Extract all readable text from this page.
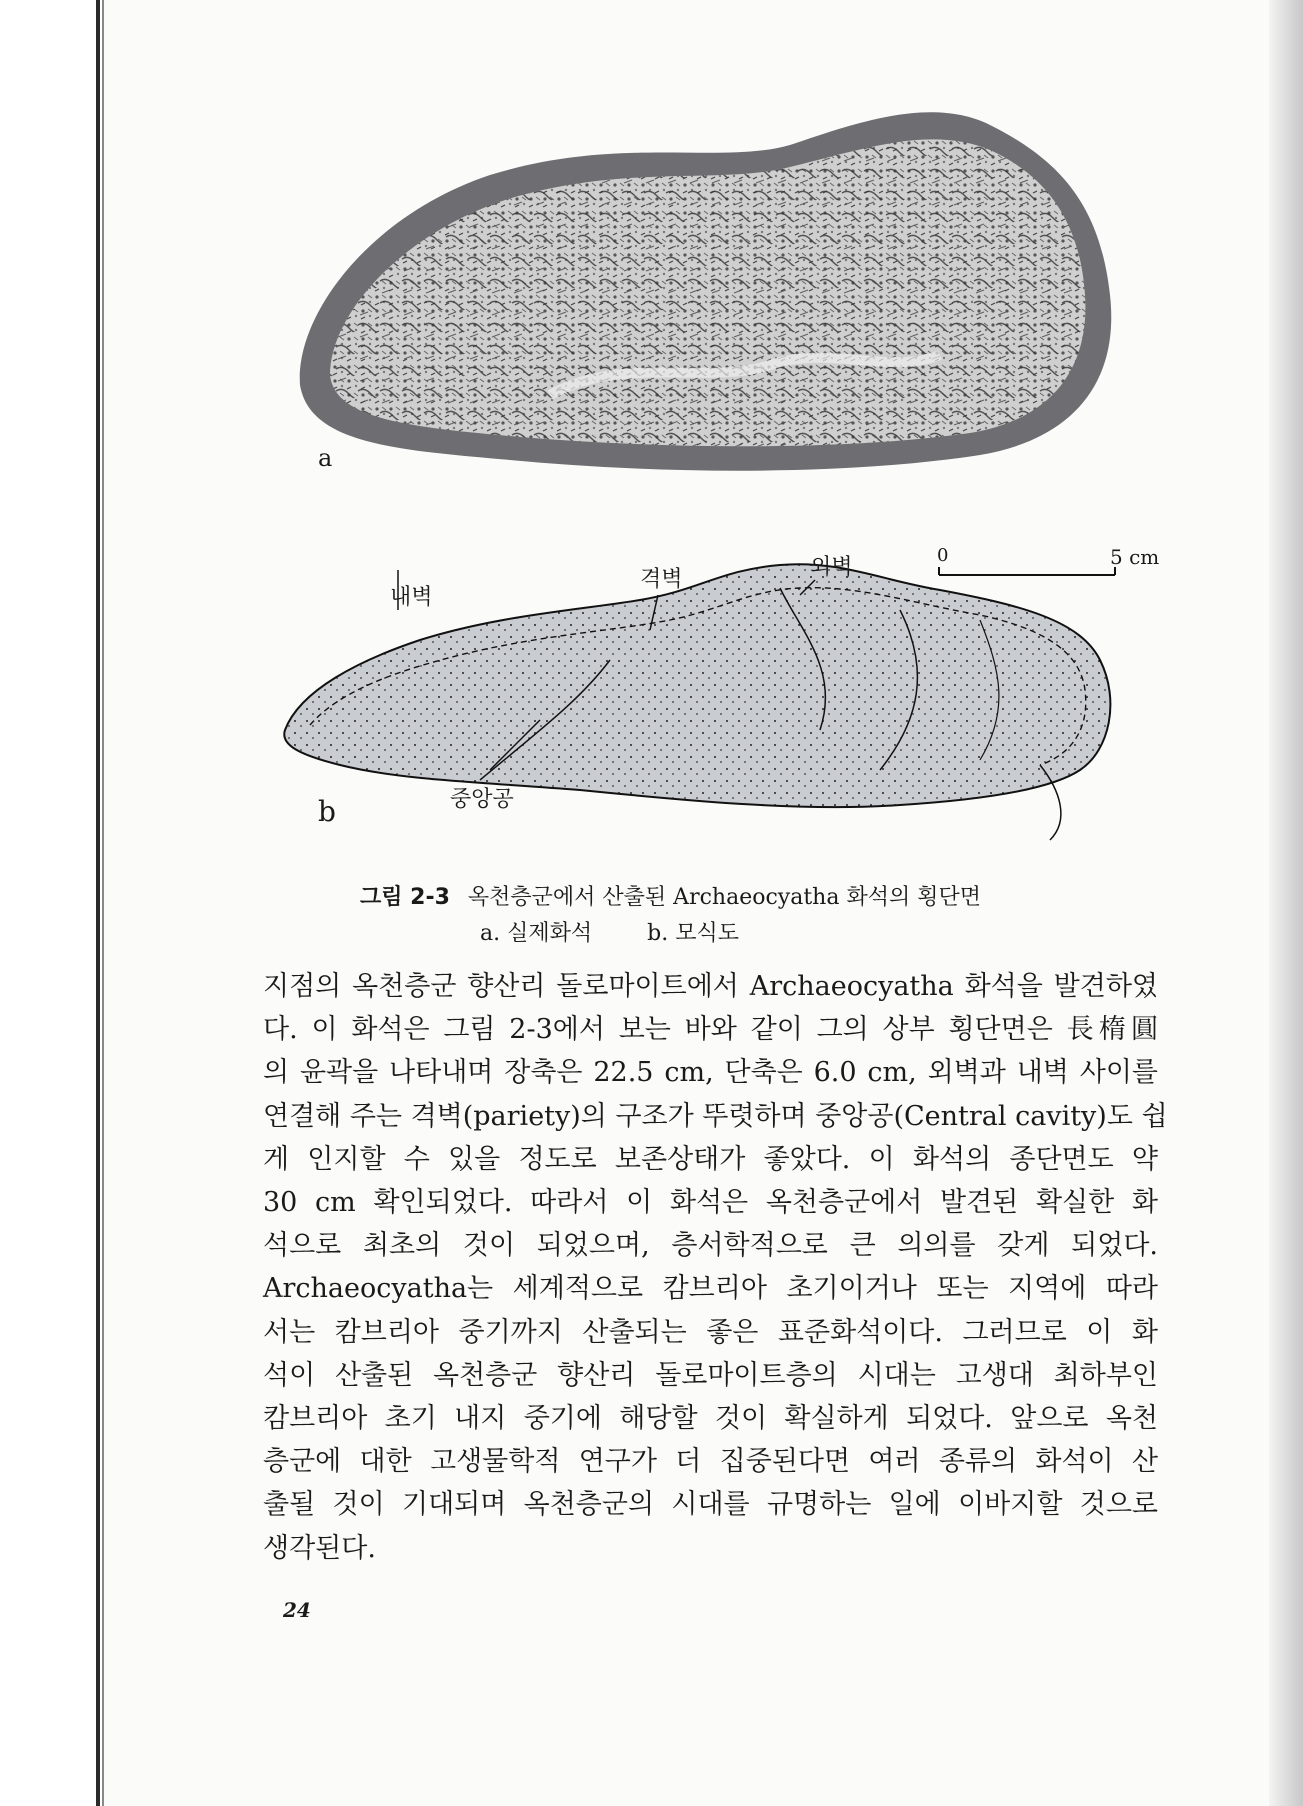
a
b
내벽
격벽	외벽
중앙공
0	5 cm
그림 2-3 옥천층군에서 산출된 Archaeocyatha 화석의 횡단면
a. 실제화석	b. 모식도
지점의 옥천층군 향산리 돌로마이트에서 Archaeocyatha 화석을 발견하였
다. 이 화석은 그림 2-3에서 보는 바와 같이 그의 상부 횡단면은 長楕圓
의 윤곽을 나타내며 장축은 22.5 cm, 단축은 6.0 cm, 외벽과 내벽 사이를
연결해 주는 격벽(pariety)의 구조가 뚜렷하며 중앙공(Central cavity)도 쉽
게 인지할 수 있을 정도로 보존상태가 좋았다. 이 화석의 종단면도 약
30 cm 확인되었다. 따라서 이 화석은 옥천층군에서 발견된 확실한 화
석으로 최초의 것이 되었으며, 층서학적으로 큰 의의를 갖게 되었다.
Archaeocyatha는 세계적으로 캄브리아 초기이거나 또는 지역에 따라
서는 캄브리아 중기까지 산출되는 좋은 표준화석이다. 그러므로 이 화
석이 산출된 옥천층군 향산리 돌로마이트층의 시대는 고생대 최하부인
캄브리아 초기 내지 중기에 해당할 것이 확실하게 되었다. 앞으로 옥천
층군에 대한 고생물학적 연구가 더 집중된다면 여러 종류의 화석이 산
출될 것이 기대되며 옥천층군의 시대를 규명하는 일에 이바지할 것으로
생각된다.
24
